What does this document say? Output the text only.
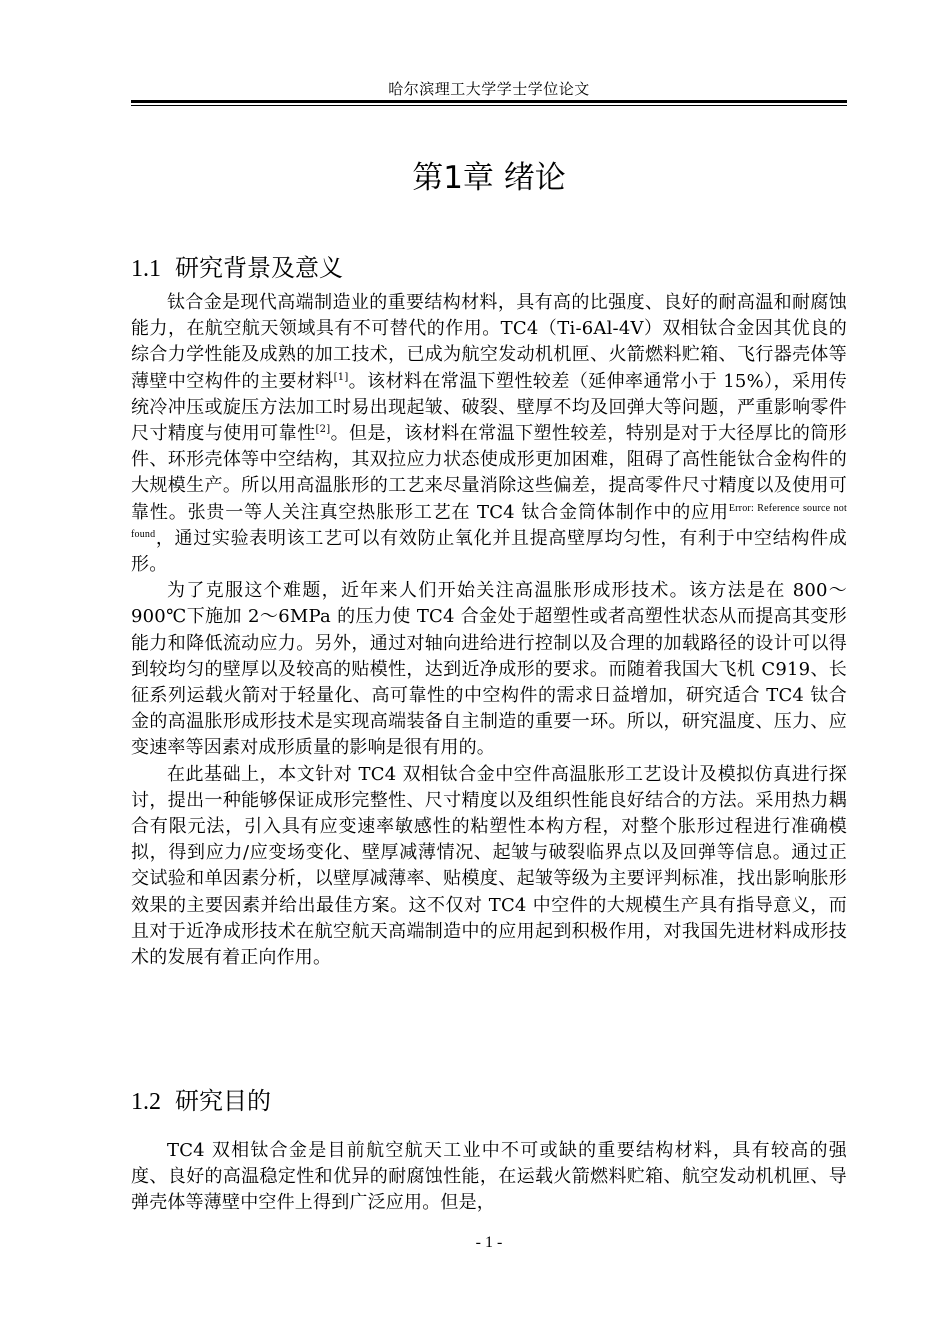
哈尔滨理工大学学士学位论文
第1章 绪论
1.1 研究背景及意义

钛合金是现代高端制造业的重要结构材料，具有高的比强度、良好的耐高温和耐腐蚀能力，在航空航天领域具有不可替代的作用。TC4（Ti-6Al-4V）双相钛合金因其优良的综合力学性能及成熟的加工技术，已成为航空发动机机匣、火箭燃料贮箱、飞行器壳体等薄壁中空构件的主要材料[1]。该材料在常温下塑性较差（延伸率通常小于 15%），采用传统冷冲压或旋压方法加工时易出现起皱、破裂、壁厚不均及回弹大等问题，严重影响零件尺寸精度与使用可靠性[2]。但是，该材料在常温下塑性较差，特别是对于大径厚比的筒形件、环形壳体等中空结构，其双拉应力状态使成形更加困难，阻碍了高性能钛合金构件的大规模生产。所以用高温胀形的工艺来尽量消除这些偏差，提高零件尺寸精度以及使用可靠性。张贵一等人关注真空热胀形工艺在 TC4 钛合金筒体制作中的应用$^{Error: Reference source not found}$，通过实验表明该工艺可以有效防止氧化并且提高壁厚均匀性，有利于中空结构件成形。

为了克服这个难题，近年来人们开始关注高温胀形成形技术。该方法是在 800～900℃下施加 2～6MPa 的压力使 TC4 合金处于超塑性或者高塑性状态从而提高其变形能力和降低流动应力。另外，通过对轴向进给进行控制以及合理的加载路径的设计可以得到较均匀的壁厚以及较高的贴模性，达到近净成形的要求。而随着我国大飞机 C919、长征系列运载火箭对于轻量化、高可靠性的中空构件的需求日益增加，研究适合 TC4 钛合金的高温胀形成形技术是实现高端装备自主制造的重要一环。所以，研究温度、压力、应变速率等因素对成形质量的影响是很有用的。

在此基础上，本文针对 TC4 双相钛合金中空件高温胀形工艺设计及模拟仿真进行探讨，提出一种能够保证成形完整性、尺寸精度以及组织性能良好结合的方法。采用热力耦合有限元法，引入具有应变速率敏感性的粘塑性本构方程，对整个胀形过程进行准确模拟，得到应力/应变场变化、壁厚减薄情况、起皱与破裂临界点以及回弹等信息。通过正交试验和单因素分析，以壁厚减薄率、贴模度、起皱等级为主要评判标准，找出影响胀形效果的主要因素并给出最佳方案。这不仅对 TC4 中空件的大规模生产具有指导意义，而且对于近净成形技术在航空航天高端制造中的应用起到积极作用，对我国先进材料成形技术的发展有着正向作用。

1.2 研究目的

TC4 双相钛合金是目前航空航天工业中不可或缺的重要结构材料，具有较高的强度、良好的高温稳定性和优异的耐腐蚀性能，在运载火箭燃料贮箱、航空发动机机匣、导弹壳体等薄壁中空件上得到广泛应用。但是，

- 1 -
